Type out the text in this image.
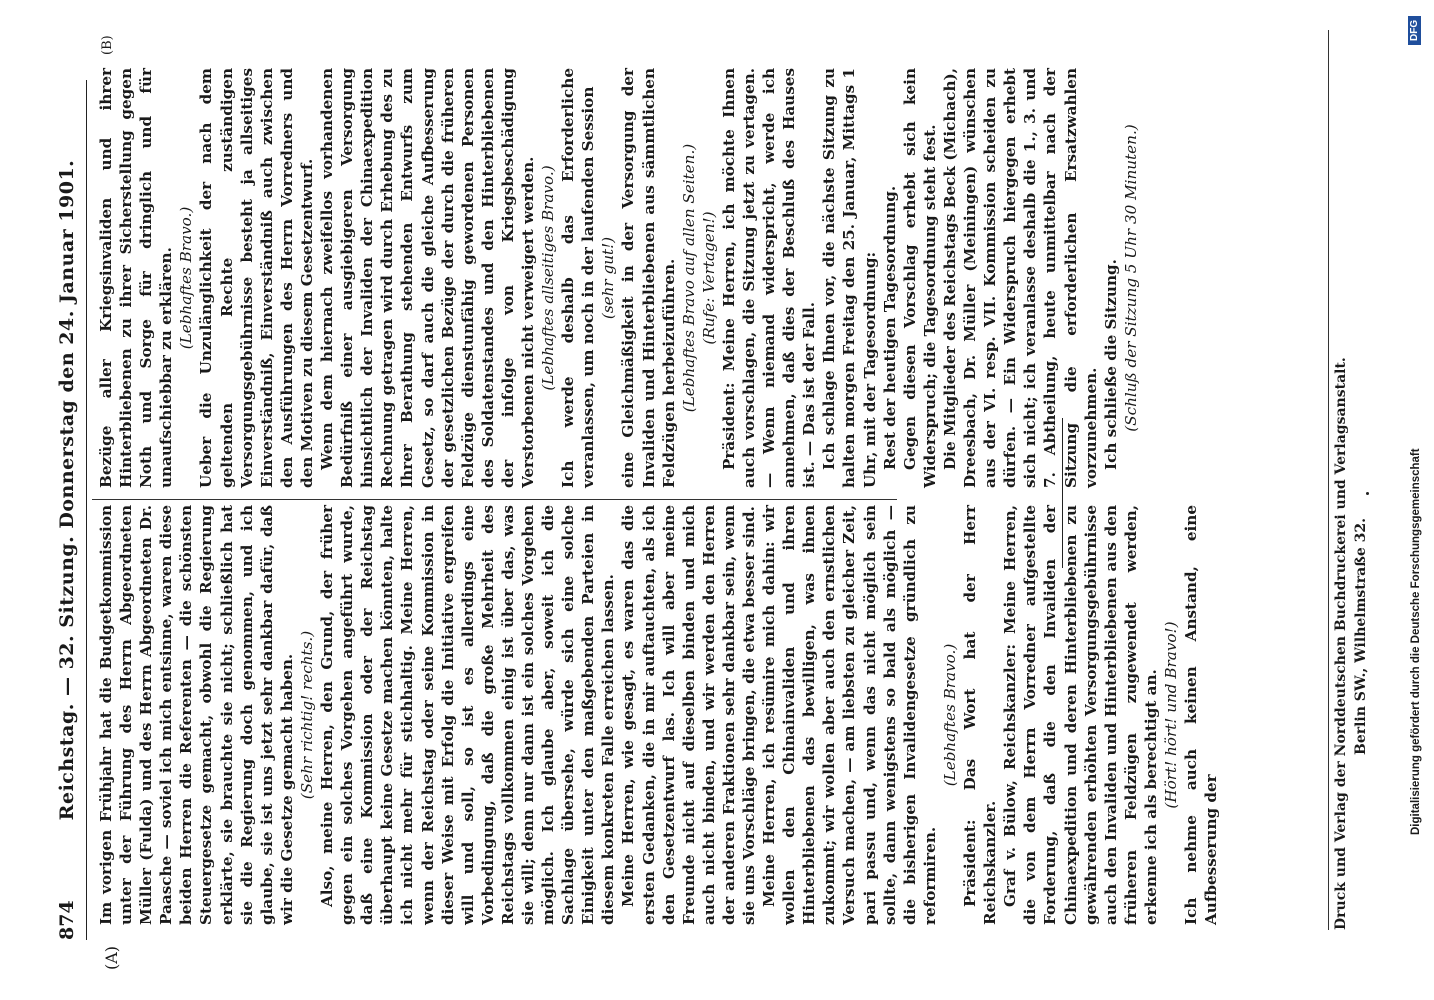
(A)
(B)
874
Reichstag. — 32. Sitzung. Donnerstag den 24. Januar 1901. Im vorigen Frühjahr hat die Budgetkommission unter der Führung des Herrn Abgeordneten Müller (Fulda) und des Herrn Abgeordneten Dr. Paasche — soviel ich mich entsinne, waren diese beiden Herren die Referenten — die schönsten Steuergesetze gemacht, obwohl die Regierung erklärte, sie brauchte sie nicht; schließlich hat sie die Regierung doch genommen, und ich glaube, sie ist uns jetzt sehr dankbar dafür, daß wir die Gesetze gemacht haben. (Sehr richtig! rechts.) Also, meine Herren, den Grund, der früher gegen ein solches Vorgehen angeführt wurde, daß eine Kommission oder der Reichstag überhaupt keine Gesetze machen könnten, halte ich nicht mehr für stichhaltig. Meine Herren, wenn der Reichstag oder seine Kommission in dieser Weise mit Erfolg die Initiative ergreifen will und soll, so ist es allerdings eine Vorbedingung, daß die große Mehrheit des Reichstags vollkommen einig ist über das, was sie will; denn nur dann ist ein solches Vorgehen möglich. Ich glaube aber, soweit ich die Sachlage übersehe, würde sich eine solche Einigkeit unter den maßgebenden Parteien in diesem konkreten Falle erreichen lassen. Meine Herren, wie gesagt, es waren das die ersten Gedanken, die in mir auftauchten, als ich den Gesetzentwurf las. Ich will aber meine Freunde nicht auf dieselben binden und mich auch nicht binden, und wir werden den Herren der anderen Fraktionen sehr dankbar sein, wenn sie uns Vorschläge bringen, die etwa besser sind. Meine Herren, ich resümire mich dahin: wir wollen den Chinainvaliden und ihren Hinterbliebenen das bewilligen, was ihnen zukommt; wir wollen aber auch den ernstlichen Versuch machen, — am liebsten zu gleicher Zeit, pari passu und, wenn das nicht möglich sein sollte, dann wenigstens so bald als möglich — die bisherigen Invalidengesetze gründlich zu reformiren.

(Lebhaftes Bravo.) Präsident: Das Wort hat der Herr Reichskanzler. Graf v. Bülow, Reichskanzler: Meine Herren, die von dem Herrn Vorredner aufgestellte Forderung, daß die den Invaliden der Chinaexpedition und deren Hinterbliebenen zu gewährenden erhöhten Versorgungsgebührnisse auch den Invaliden und Hinterbliebenen aus den früheren Feldzügen zugewendet werden, erkenne ich als berechtigt an. (Hört! hört! und Bravo!) Ich nehme auch keinen Anstand, eine Aufbesserung der

Bezüge aller Kriegsinvaliden und ihrer Hinterbliebenen zu ihrer Sicherstellung gegen Noth und Sorge für dringlich und für unaufschiebbar zu erklären. (Lebhaftes Bravo.) Ueber die Unzulänglichkeit der nach dem geltenden Rechte zuständigen Versorgungsgebührnisse besteht ja allseitiges Einverständniß, Einverständniß auch zwischen den Ausführungen des Herrn Vorredners und den Motiven zu diesem Gesetzentwurf. Wenn dem hiernach zweifellos vorhandenen Bedürfniß einer ausgiebigeren Versorgung hinsichtlich der Invaliden der Chinaexpedition Rechnung getragen wird durch Erhebung des zu Ihrer Berathung stehenden Entwurfs zum Gesetz, so darf auch die gleiche Aufbesserung der gesetzlichen Bezüge der durch die früheren Feldzüge dienstunfähig gewordenen Personen des Soldatenstandes und den Hinterbliebenen der infolge von Kriegsbeschädigung Verstorbenen nicht verweigert werden. (Lebhaftes allseitiges Bravo.) Ich werde deshalb das Erforderliche veranlassen, um noch in der laufenden Session (sehr gut!) eine Gleichmäßigkeit in der Versorgung der Invaliden und Hinterbliebenen aus sämmtlichen Feldzügen herbeizuführen. (Lebhaftes Bravo auf allen Seiten.) (Rufe: Vertagen!) Präsident: Meine Herren, ich möchte Ihnen auch vorschlagen, die Sitzung jetzt zu vertagen. — Wenn niemand widerspricht, werde ich annehmen, daß dies der Beschluß des Hauses ist. — Das ist der Fall. Ich schlage Ihnen vor, die nächste Sitzung zu halten morgen Freitag den 25. Januar, Mittags 1 Uhr, mit der Tagesordnung: Rest der heutigen Tagesordnung. Gegen diesen Vorschlag erhebt sich kein Widerspruch; die Tagesordnung steht fest. Die Mitglieder des Reichstags Beck (Michach), Dreesbach, Dr. Müller (Meiningen) wünschen aus der VI. resp. VII. Kommission scheiden zu dürfen. — Ein Widerspruch hiergegen erhebt sich nicht; ich veranlasse deshalb die 1., 3. und 7. Abtheilung, heute unmittelbar nach der Sitzung die erforderlichen Ersatzwahlen vorzunehmen. Ich schließe die Sitzung. (Schluß der Sitzung 5 Uhr 30 Minuten.)

Druck und Verlag der Norddeutschen Buchdruckerei und Verlagsanstalt. Berlin SW., Wilhelmstraße 32.	Digitalisierung gefördert durch die Deutsche Forschungsgemeinschaft
DFG
